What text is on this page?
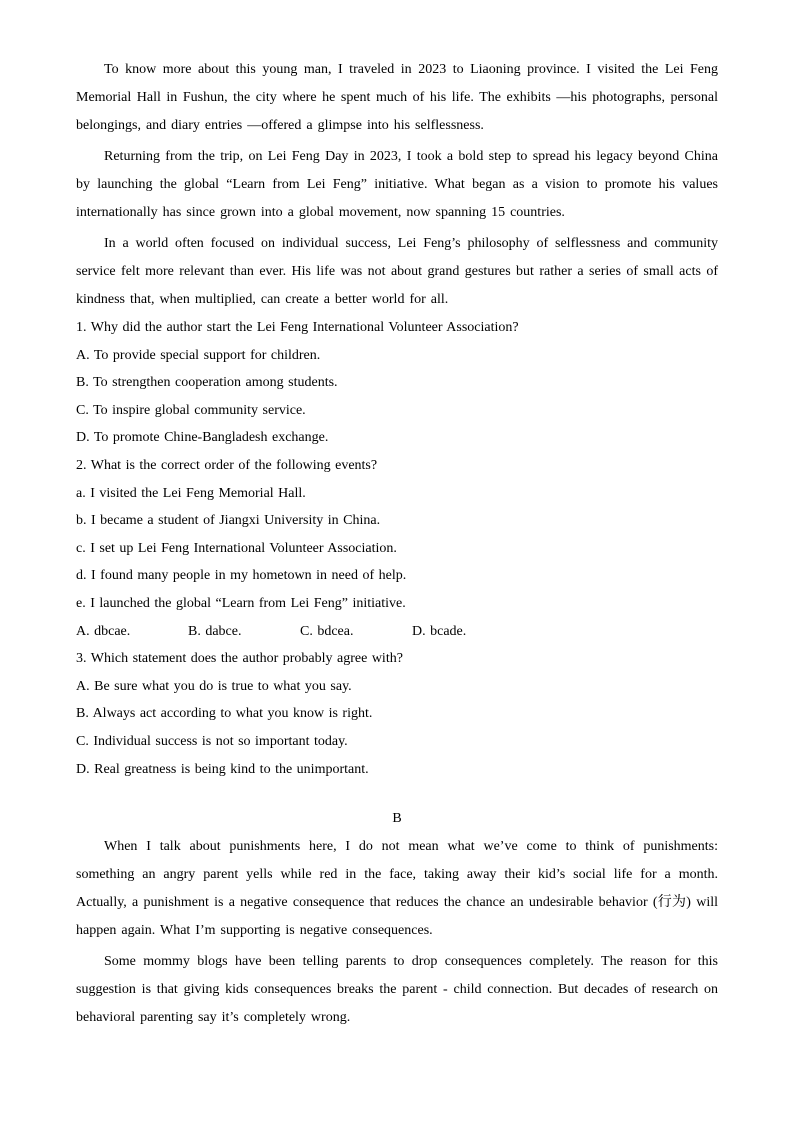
To know more about this young man, I traveled in 2023 to Liaoning province. I visited the Lei Feng Memorial Hall in Fushun, the city where he spent much of his life. The exhibits —his photographs, personal belongings, and diary entries —offered a glimpse into his selflessness.

Returning from the trip, on Lei Feng Day in 2023, I took a bold step to spread his legacy beyond China by launching the global “Learn from Lei Feng” initiative. What began as a vision to promote his values internationally has since grown into a global movement, now spanning 15 countries.

In a world often focused on individual success, Lei Feng’s philosophy of selflessness and community service felt more relevant than ever. His life was not about grand gestures but rather a series of small acts of kindness that, when multiplied, can create a better world for all.

1. Why did the author start the Lei Feng International Volunteer Association?
A. To provide special support for children.
B. To strengthen cooperation among students.
C. To inspire global community service.
D. To promote Chine-Bangladesh exchange.
2. What is the correct order of the following events?
a. I visited the Lei Feng Memorial Hall.
b. I became a student of Jiangxi University in China.
c. I set up Lei Feng International Volunteer Association.
d. I found many people in my hometown in need of help.
e. I launched the global “Learn from Lei Feng” initiative.
A. dbcae.	B. dabce.	C. bdcea.	D. bcade.
3. Which statement does the author probably agree with?
A. Be sure what you do is true to what you say.
B. Always act according to what you know is right.
C. Individual success is not so important today.
D. Real greatness is being kind to the unimportant.
B

When I talk about punishments here, I do not mean what we’ve come to think of punishments: something an angry parent yells while red in the face, taking away their kid’s social life for a month. Actually, a punishment is a negative consequence that reduces the chance an undesirable behavior (行为) will happen again. What I’m supporting is negative consequences.

Some mommy blogs have been telling parents to drop consequences completely. The reason for this suggestion is that giving kids consequences breaks the parent - child connection. But decades of research on behavioral parenting say it’s completely wrong.
